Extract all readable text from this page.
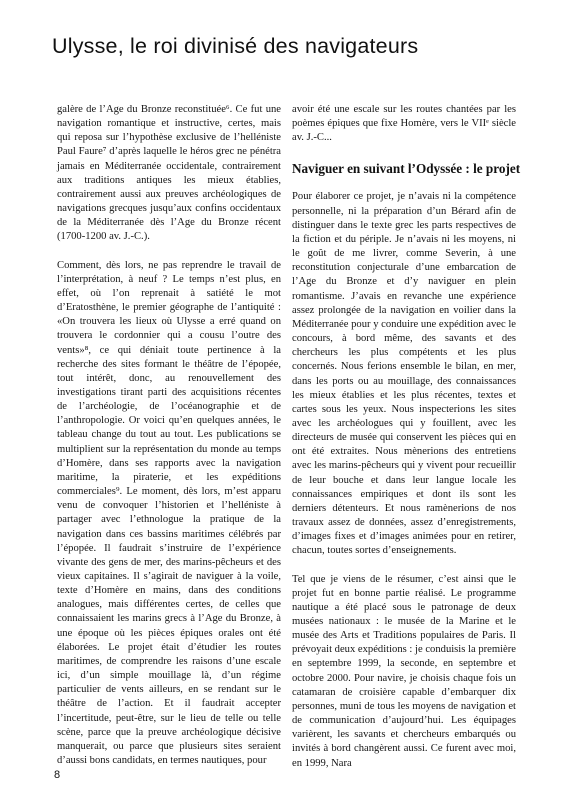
Ulysse, le roi divinisé des navigateurs

galère de l’Age du Bronze reconstituée⁶. Ce fut une navigation romantique et instructive, certes, mais qui reposa sur l’hypothèse exclusive de l’helléniste Paul Faure⁷ d’après laquelle le héros grec ne pénétra jamais en Méditerranée occidentale, contrairement aux traditions antiques les mieux établies, contrairement aussi aux preuves archéologiques de navigations grecques jusqu’aux confins occidentaux de la Méditerranée dès l’Age du Bronze récent (1700-1200 av. J.-C.).

Comment, dès lors, ne pas reprendre le travail de l’interprétation, à neuf ? Le temps n’est plus, en effet, où l’on reprenait à satiété le mot d’Eratosthène, le premier géographe de l’antiquité : «On trouvera les lieux où Ulysse a erré quand on trouvera le cordonnier qui a cousu l’outre des vents»⁸, ce qui déniait toute pertinence à la recherche des sites formant le théâtre de l’épopée, tout intérêt, donc, au renouvellement des investigations tirant parti des acquisitions récentes de l’archéologie, de l’océanographie et de l’anthropologie. Or voici qu’en quelques années, le tableau change du tout au tout. Les publications se multiplient sur la représentation du monde au temps d’Homère, dans ses rapports avec la navigation maritime, la piraterie, et les expéditions commerciales⁹. Le moment, dès lors, m’est apparu venu de convoquer l’historien et l’helléniste à partager avec l’ethnologue la pratique de la navigation dans ces bassins maritimes célébrés par l’épopée. Il faudrait s’instruire de l’expérience vivante des gens de mer, des marins-pêcheurs et des vieux capitaines. Il s’agirait de naviguer à la voile, texte d’Homère en mains, dans des conditions analogues, mais différentes certes, de celles que connaissaient les marins grecs à l’Age du Bronze, à une époque où les pièces épiques orales ont été élaborées. Le projet était d’étudier les routes maritimes, de comprendre les raisons d’une escale ici, d’un simple mouillage là, d’un régime particulier de vents ailleurs, en se rendant sur le théâtre de l’action. Et il faudrait accepter l’incertitude, peut-être, sur le lieu de telle ou telle scène, parce que la preuve archéologique décisive manquerait, ou parce que plusieurs sites seraient d’aussi bons candidats, en termes nautiques, pour

avoir été une escale sur les routes chantées par les poèmes épiques que fixe Homère, vers le VIIᵉ siècle av. J.-C...

Naviguer en suivant l’Odyssée : le projet

Pour élaborer ce projet, je n’avais ni la compétence personnelle, ni la préparation d’un Bérard afin de distinguer dans le texte grec les parts respectives de la fiction et du périple. Je n’avais ni les moyens, ni le goût de me livrer, comme Severin, à une reconstitution conjecturale d’une embarcation de l’Age du Bronze et d’y naviguer en plein romantisme. J’avais en revanche une expérience assez prolongée de la navigation en voilier dans la Méditerranée pour y conduire une expédition avec le concours, à bord même, des savants et des chercheurs les plus compétents et les plus concernés. Nous ferions ensemble le bilan, en mer, dans les ports ou au mouillage, des connaissances les mieux établies et les plus récentes, textes et cartes sous les yeux. Nous inspecterions les sites avec les archéologues qui y fouillent, avec les directeurs de musée qui conservent les pièces qui en ont été extraites. Nous mènerions des entretiens avec les marins-pêcheurs qui y vivent pour recueillir de leur bouche et dans leur langue locale les connaissances empiriques et dont ils sont les derniers détenteurs. Et nous ramènerions de nos travaux assez de données, assez d’enregistrements, d’images fixes et d’images animées pour en retirer, chacun, toutes sortes d’enseignements.

Tel que je viens de le résumer, c’est ainsi que le projet fut en bonne partie réalisé. Le programme nautique a été placé sous le patronage de deux musées nationaux : le musée de la Marine et le musée des Arts et Traditions populaires de Paris. Il prévoyait deux expéditions : je conduisis la première en septembre 1999, la seconde, en septembre et octobre 2000. Pour navire, je choisis chaque fois un catamaran de croisière capable d’embarquer dix personnes, muni de tous les moyens de navigation et de communication d’aujourd’hui. Les équipages varièrent, les savants et chercheurs embarqués ou invités à bord changèrent aussi. Ce furent avec moi, en 1999, Nara

8
